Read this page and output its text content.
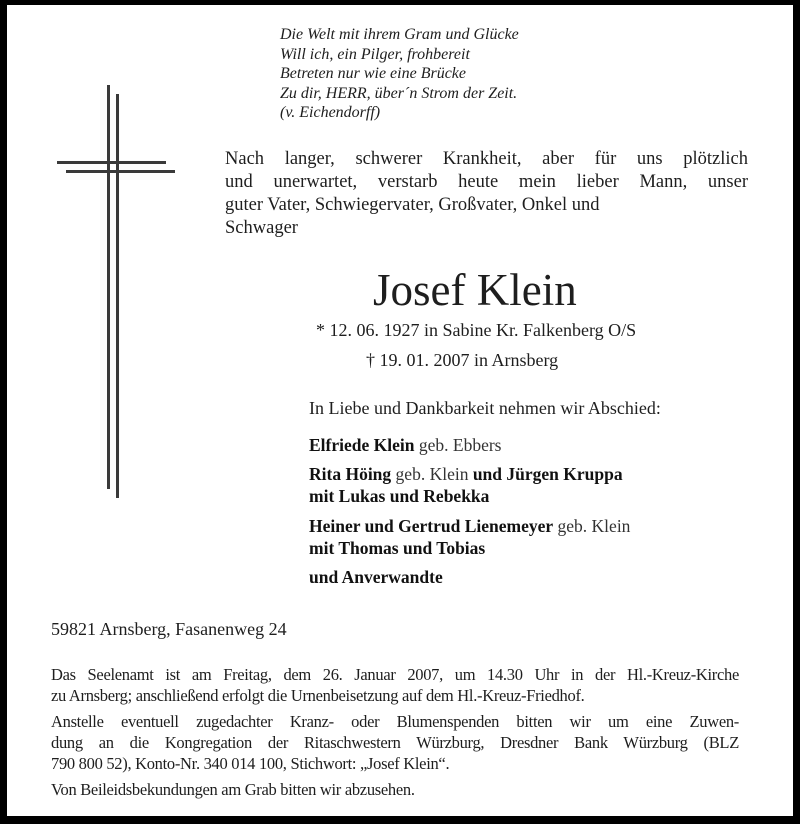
Die Welt mit ihrem Gram und Glücke
Will ich, ein Pilger, frohbereit
Betreten nur wie eine Brücke
Zu dir, HERR, über´n Strom der Zeit.
(v. Eichendorff)
Nach langer, schwerer Krankheit, aber für uns plötzlich
und unerwartet, verstarb heute mein lieber Mann, unser
guter Vater, Schwiegervater, Großvater, Onkel und
Schwager
Josef Klein
* 12. 06. 1927 in Sabine Kr. Falkenberg O/S
† 19. 01. 2007 in Arnsberg
In Liebe und Dankbarkeit nehmen wir Abschied:
Elfriede Klein geb. Ebbers
Rita Höing geb. Klein und Jürgen Kruppa
mit Lukas und Rebekka
Heiner und Gertrud Lienemeyer geb. Klein
mit Thomas und Tobias
und Anverwandte
59821 Arnsberg, Fasanenweg 24
Das Seelenamt ist am Freitag, dem 26. Januar 2007, um 14.30 Uhr in der Hl.-Kreuz-Kirche
zu Arnsberg; anschließend erfolgt die Urnenbeisetzung auf dem Hl.-Kreuz-Friedhof.
Anstelle eventuell zugedachter Kranz- oder Blumenspenden bitten wir um eine Zuwen-
dung an die Kongregation der Ritaschwestern Würzburg, Dresdner Bank Würzburg (BLZ
790 800 52), Konto-Nr. 340 014 100, Stichwort: „Josef Klein“.
Von Beileidsbekundungen am Grab bitten wir abzusehen.
